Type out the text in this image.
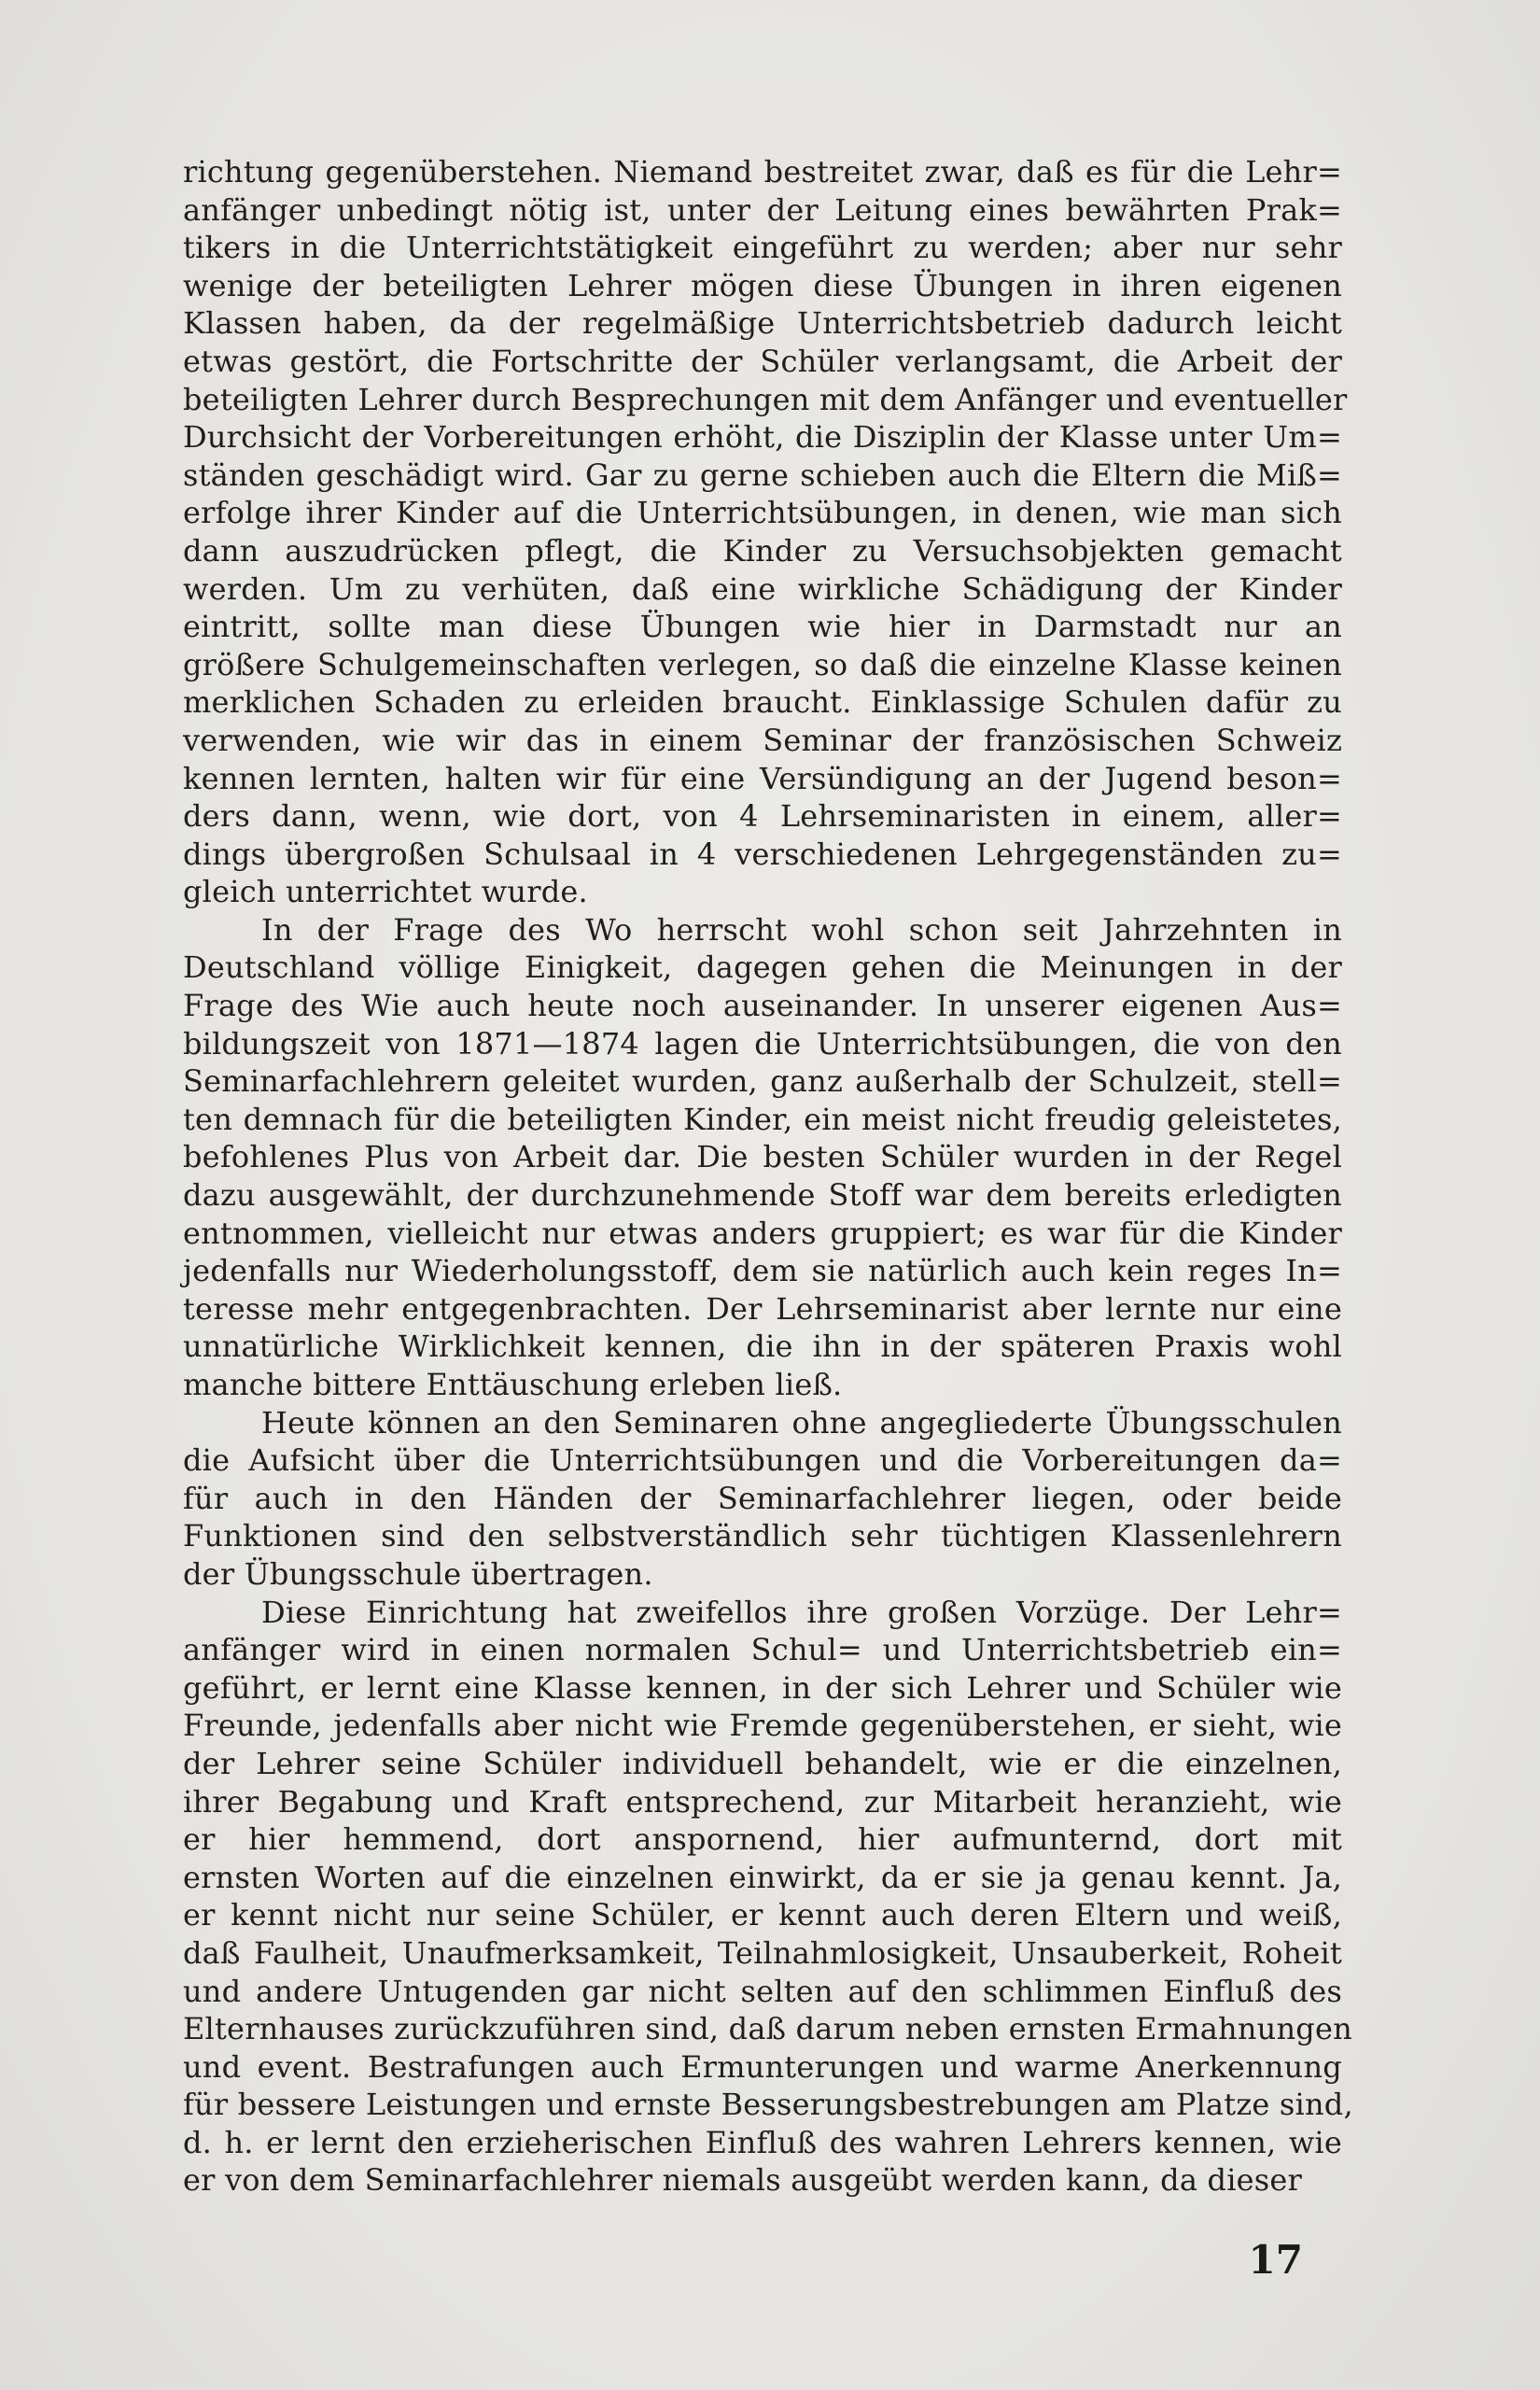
richtung gegenüberstehen. Niemand bestreitet zwar, daß es für die Lehr=
anfänger unbedingt nötig ist, unter der Leitung eines bewährten Prak=
tikers in die Unterrichtstätigkeit eingeführt zu werden; aber nur sehr
wenige der beteiligten Lehrer mögen diese Übungen in ihren eigenen
Klassen haben, da der regelmäßige Unterrichtsbetrieb dadurch leicht
etwas gestört, die Fortschritte der Schüler verlangsamt, die Arbeit der
beteiligten Lehrer durch Besprechungen mit dem Anfänger und eventueller
Durchsicht der Vorbereitungen erhöht, die Disziplin der Klasse unter Um=
ständen geschädigt wird. Gar zu gerne schieben auch die Eltern die Miß=
erfolge ihrer Kinder auf die Unterrichtsübungen, in denen, wie man sich
dann auszudrücken pflegt, die Kinder zu Versuchsobjekten gemacht
werden. Um zu verhüten, daß eine wirkliche Schädigung der Kinder
eintritt, sollte man diese Übungen wie hier in Darmstadt nur an
größere Schulgemeinschaften verlegen, so daß die einzelne Klasse keinen
merklichen Schaden zu erleiden braucht. Einklassige Schulen dafür zu
verwenden, wie wir das in einem Seminar der französischen Schweiz
kennen lernten, halten wir für eine Versündigung an der Jugend beson=
ders dann, wenn, wie dort, von 4 Lehrseminaristen in einem, aller=
dings übergroßen Schulsaal in 4 verschiedenen Lehrgegenständen zu=
gleich unterrichtet wurde.
In der Frage des Wo herrscht wohl schon seit Jahrzehnten in
Deutschland völlige Einigkeit, dagegen gehen die Meinungen in der
Frage des Wie auch heute noch auseinander. In unserer eigenen Aus=
bildungszeit von 1871—1874 lagen die Unterrichtsübungen, die von den
Seminarfachlehrern geleitet wurden, ganz außerhalb der Schulzeit, stell=
ten demnach für die beteiligten Kinder, ein meist nicht freudig geleistetes,
befohlenes Plus von Arbeit dar. Die besten Schüler wurden in der Regel
dazu ausgewählt, der durchzunehmende Stoff war dem bereits erledigten
entnommen, vielleicht nur etwas anders gruppiert; es war für die Kinder
jedenfalls nur Wiederholungsstoff, dem sie natürlich auch kein reges In=
teresse mehr entgegenbrachten. Der Lehrseminarist aber lernte nur eine
unnatürliche Wirklichkeit kennen, die ihn in der späteren Praxis wohl
manche bittere Enttäuschung erleben ließ.
Heute können an den Seminaren ohne angegliederte Übungsschulen
die Aufsicht über die Unterrichtsübungen und die Vorbereitungen da=
für auch in den Händen der Seminarfachlehrer liegen, oder beide
Funktionen sind den selbstverständlich sehr tüchtigen Klassenlehrern
der Übungsschule übertragen.
Diese Einrichtung hat zweifellos ihre großen Vorzüge. Der Lehr=
anfänger wird in einen normalen Schul= und Unterrichtsbetrieb ein=
geführt, er lernt eine Klasse kennen, in der sich Lehrer und Schüler wie
Freunde, jedenfalls aber nicht wie Fremde gegenüberstehen, er sieht, wie
der Lehrer seine Schüler individuell behandelt, wie er die einzelnen,
ihrer Begabung und Kraft entsprechend, zur Mitarbeit heranzieht, wie
er hier hemmend, dort anspornend, hier aufmunternd, dort mit
ernsten Worten auf die einzelnen einwirkt, da er sie ja genau kennt. Ja,
er kennt nicht nur seine Schüler, er kennt auch deren Eltern und weiß,
daß Faulheit, Unaufmerksamkeit, Teilnahmlosigkeit, Unsauberkeit, Roheit
und andere Untugenden gar nicht selten auf den schlimmen Einfluß des
Elternhauses zurückzuführen sind, daß darum neben ernsten Ermahnungen
und event. Bestrafungen auch Ermunterungen und warme Anerkennung
für bessere Leistungen und ernste Besserungsbestrebungen am Platze sind,
d. h. er lernt den erzieherischen Einfluß des wahren Lehrers kennen, wie
er von dem Seminarfachlehrer niemals ausgeübt werden kann, da dieser
17
